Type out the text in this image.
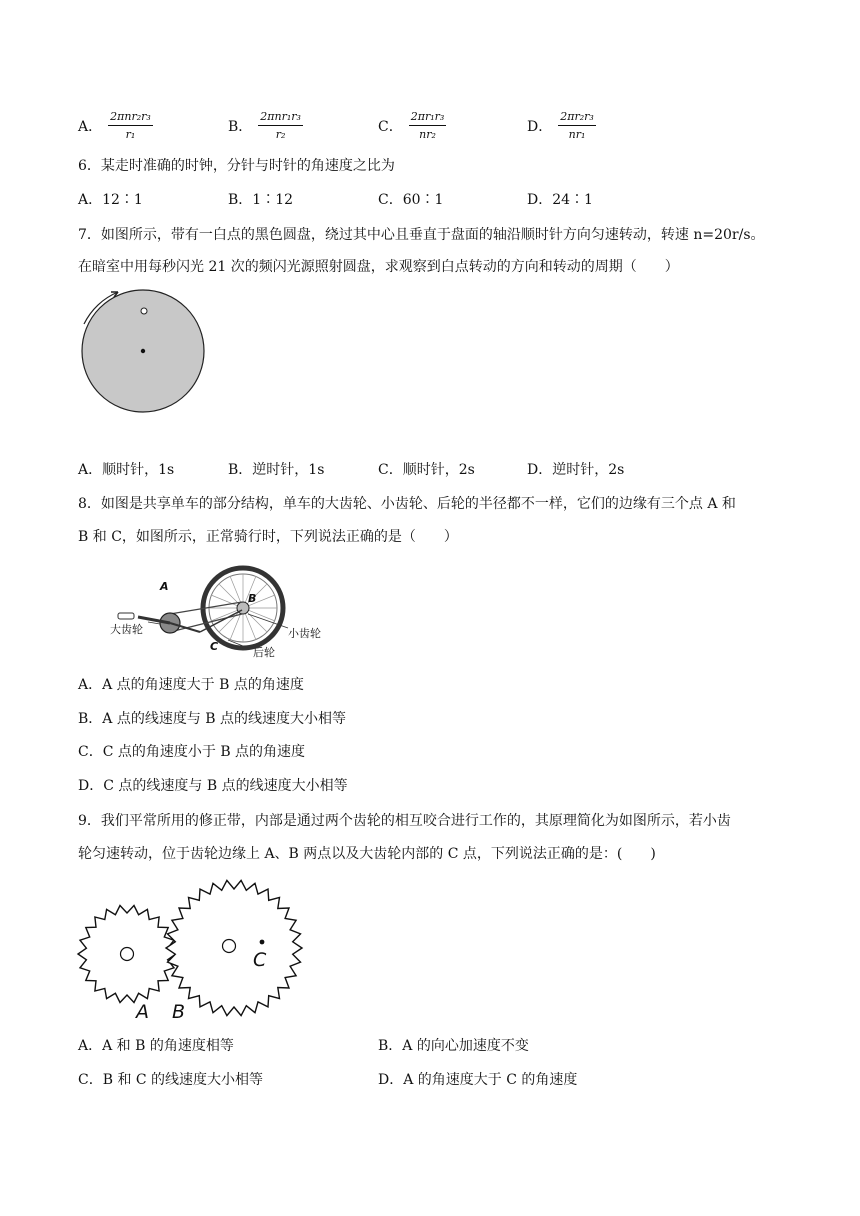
A． $\frac{\text{2πnr₂r₃}}{\text{r₁}}$	B． $\frac{\text{2πnr₁r₃}}{\text{r₂}}$	C． $\frac{\text{2πr₁r₃}}{\text{nr₂}}$	D． $\frac{\text{2πr₂r₃}}{\text{nr₁}}$
6．某走时准确的时钟，分针与时针的角速度之比为
A．12∶1	B．1∶12	C．60∶1	D．24∶1
7．如图所示，带有一白点的黑色圆盘，绕过其中心且垂直于盘面的轴沿顺时针方向匀速转动，转速 n=20r/s。
在暗室中用每秒闪光 21 次的频闪光源照射圆盘，求观察到白点转动的方向和转动的周期（　　）
A．顺时针，1s	B．逆时针，1s	C．顺时针，2s	D．逆时针，2s
8．如图是共享单车的部分结构，单车的大齿轮、小齿轮、后轮的半径都不一样，它们的边缘有三个点 A 和
B 和 C，如图所示，正常骑行时，下列说法正确的是（　　）
A
B
C
大齿轮	小齿轮
后轮
A．A 点的角速度大于 B 点的角速度
B．A 点的线速度与 B 点的线速度大小相等
C．C 点的角速度小于 B 点的角速度
D．C 点的线速度与 B 点的线速度大小相等
9．我们平常所用的修正带，内部是通过两个齿轮的相互咬合进行工作的，其原理简化为如图所示，若小齿
轮匀速转动，位于齿轮边缘上 A、B 两点以及大齿轮内部的 C 点，下列说法正确的是：(　　)
C
A B
A．A 和 B 的角速度相等	B．A 的向心加速度不变
C．B 和 C 的线速度大小相等	D．A 的角速度大于 C 的角速度
